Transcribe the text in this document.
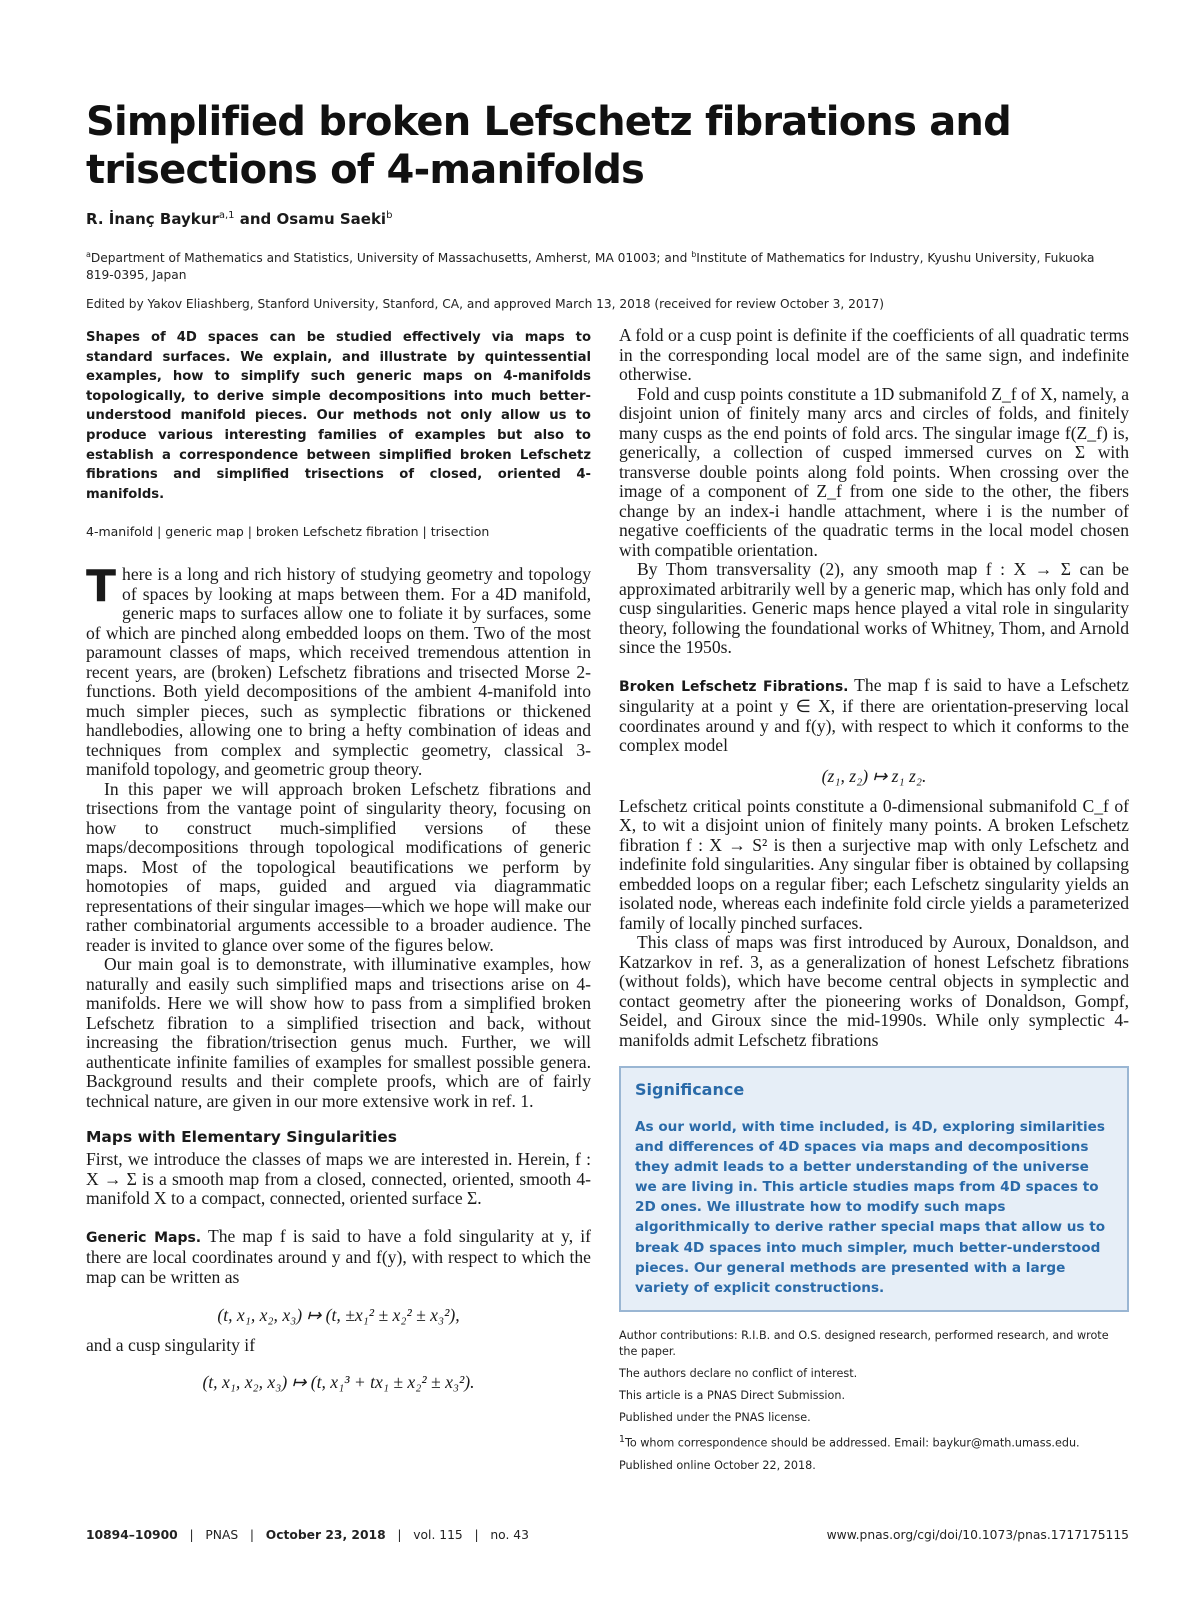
Simplified broken Lefschetz fibrations and trisections of 4-manifolds
R. İnanç Baykur$^{a,1}$ and Osamu Saeki$^b$
$^a$Department of Mathematics and Statistics, University of Massachusetts, Amherst, MA 01003; and $^b$Institute of Mathematics for Industry, Kyushu University, Fukuoka 819-0395, Japan
Edited by Yakov Eliashberg, Stanford University, Stanford, CA, and approved March 13, 2018 (received for review October 3, 2017)

Shapes of 4D spaces can be studied effectively via maps to standard surfaces. We explain, and illustrate by quintessential examples, how to simplify such generic maps on 4-manifolds topologically, to derive simple decompositions into much better-understood manifold pieces. Our methods not only allow us to produce various interesting families of examples but also to establish a correspondence between simplified broken Lefschetz fibrations and simplified trisections of closed, oriented 4-manifolds.

4-manifold | generic map | broken Lefschetz fibration | trisection

There is a long and rich history of studying geometry and topology of spaces by looking at maps between them. For a 4D manifold, generic maps to surfaces allow one to foliate it by surfaces, some of which are pinched along embedded loops on them. Two of the most paramount classes of maps, which received tremendous attention in recent years, are (broken) Lefschetz fibrations and trisected Morse 2-functions. Both yield decompositions of the ambient 4-manifold into much simpler pieces, such as symplectic fibrations or thickened handlebodies, allowing one to bring a hefty combination of ideas and techniques from complex and symplectic geometry, classical 3-manifold topology, and geometric group theory.

In this paper we will approach broken Lefschetz fibrations and trisections from the vantage point of singularity theory, focusing on how to construct much-simplified versions of these maps/decompositions through topological modifications of generic maps. Most of the topological beautifications we perform by homotopies of maps, guided and argued via diagrammatic representations of their singular images—which we hope will make our rather combinatorial arguments accessible to a broader audience. The reader is invited to glance over some of the figures below.

Our main goal is to demonstrate, with illuminative examples, how naturally and easily such simplified maps and trisections arise on 4-manifolds. Here we will show how to pass from a simplified broken Lefschetz fibration to a simplified trisection and back, without increasing the fibration/trisection genus much. Further, we will authenticate infinite families of examples for smallest possible genera. Background results and their complete proofs, which are of fairly technical nature, are given in our more extensive work in ref. 1.

Maps with Elementary Singularities

First, we introduce the classes of maps we are interested in. Herein, f : X → Σ is a smooth map from a closed, connected, oriented, smooth 4-manifold X to a compact, connected, oriented surface Σ.

Generic Maps. The map f is said to have a fold singularity at y, if there are local coordinates around y and f(y), with respect to which the map can be written as

(t, x₁, x₂, x₃) ↦ (t, ±x₁² ± x₂² ± x₃²),

and a cusp singularity if

(t, x₁, x₂, x₃) ↦ (t, x₁³ + tx₁ ± x₂² ± x₃²).

A fold or a cusp point is definite if the coefficients of all quadratic terms in the corresponding local model are of the same sign, and indefinite otherwise.

Fold and cusp points constitute a 1D submanifold Z_f of X, namely, a disjoint union of finitely many arcs and circles of folds, and finitely many cusps as the end points of fold arcs. The singular image f(Z_f) is, generically, a collection of cusped immersed curves on Σ with transverse double points along fold points. When crossing over the image of a component of Z_f from one side to the other, the fibers change by an index-i handle attachment, where i is the number of negative coefficients of the quadratic terms in the local model chosen with compatible orientation.

By Thom transversality (2), any smooth map f : X → Σ can be approximated arbitrarily well by a generic map, which has only fold and cusp singularities. Generic maps hence played a vital role in singularity theory, following the foundational works of Whitney, Thom, and Arnold since the 1950s.

Broken Lefschetz Fibrations. The map f is said to have a Lefschetz singularity at a point y ∈ X, if there are orientation-preserving local coordinates around y and f(y), with respect to which it conforms to the complex model

(z₁, z₂) ↦ z₁ z₂.

Lefschetz critical points constitute a 0-dimensional submanifold C_f of X, to wit a disjoint union of finitely many points. A broken Lefschetz fibration f : X → S² is then a surjective map with only Lefschetz and indefinite fold singularities. Any singular fiber is obtained by collapsing embedded loops on a regular fiber; each Lefschetz singularity yields an isolated node, whereas each indefinite fold circle yields a parameterized family of locally pinched surfaces.

This class of maps was first introduced by Auroux, Donaldson, and Katzarkov in ref. 3, as a generalization of honest Lefschetz fibrations (without folds), which have become central objects in symplectic and contact geometry after the pioneering works of Donaldson, Gompf, Seidel, and Giroux since the mid-1990s. While only symplectic 4-manifolds admit Lefschetz fibrations

Significance

As our world, with time included, is 4D, exploring similarities and differences of 4D spaces via maps and decompositions they admit leads to a better understanding of the universe we are living in. This article studies maps from 4D spaces to 2D ones. We illustrate how to modify such maps algorithmically to derive rather special maps that allow us to break 4D spaces into much simpler, much better-understood pieces. Our general methods are presented with a large variety of explicit constructions.

Author contributions: R.I.B. and O.S. designed research, performed research, and wrote the paper.

The authors declare no conflict of interest.

This article is a PNAS Direct Submission.

Published under the PNAS license.

$^1$To whom correspondence should be addressed. Email: baykur@math.umass.edu.

Published online October 22, 2018.

10894–10900   |   PNAS   |   October 23, 2018   |   vol. 115   |   no. 43	www.pnas.org/cgi/doi/10.1073/pnas.1717175115
